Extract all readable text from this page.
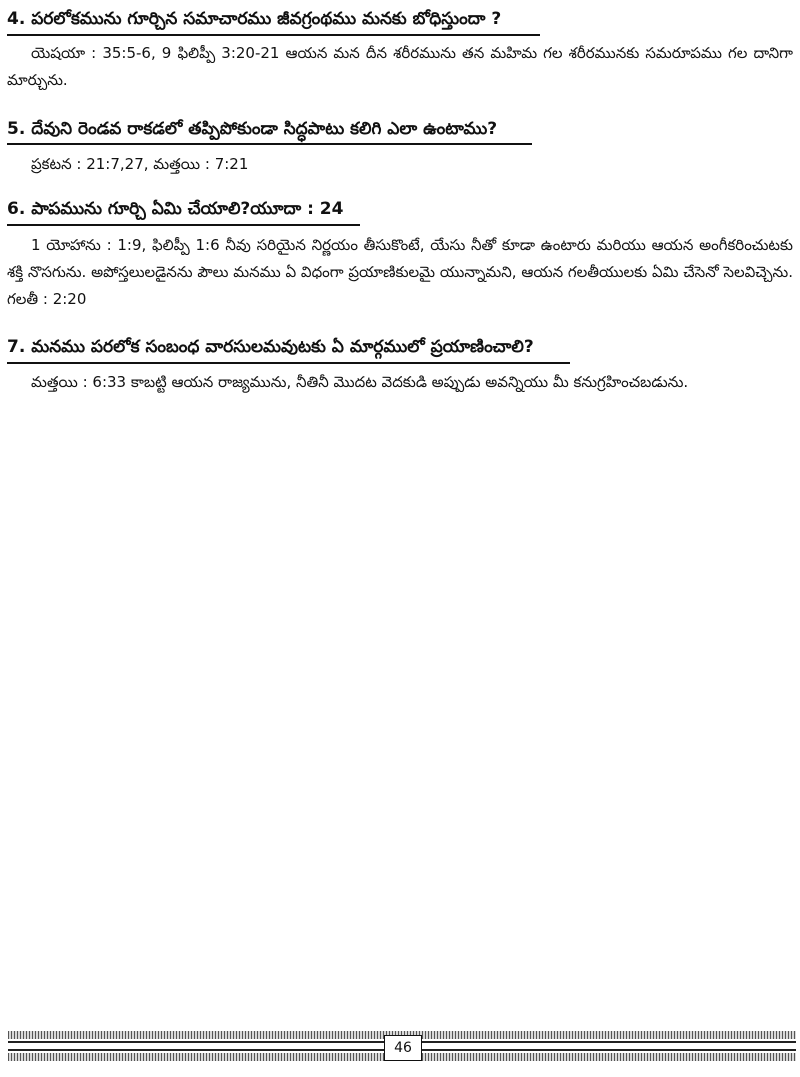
4. పరలోకమును గూర్చిన సమాచారము జీవగ్రంథము మనకు బోధిస్తుందా ?
యెషయా : 35:5-6, 9 ఫిలిప్పీ 3:20-21 ఆయన మన దీన శరీరమును తన మహిమ గల శరీరమునకు సమరూపము గల దానిగా మార్చును.
5. దేవుని రెండవ రాకడలో తప్పిపోకుండా సిద్ధపాటు కలిగి ఎలా ఉంటాము?
ప్రకటన : 21:7,27, మత్తయి : 7:21
6. పాపమును గూర్చి ఏమి చేయాలి?యూదా : 24
1 యోహాను : 1:9, ఫిలిప్పీ 1:6 నీవు సరియైన నిర్ణయం తీసుకొంటే, యేసు నీతో కూడా ఉంటారు మరియు ఆయన అంగీకరించుటకు శక్తి నొసగును. అపోస్తలులడైనను పౌలు మనము ఏ విధంగా ప్రయాణికులమై యున్నామని, ఆయన గలతీయులకు ఏమి చేసెనో సెలవిచ్చెను. గలతీ : 2:20
7. మనము పరలోక సంబంధ వారసులమవుటకు ఏ మార్గములో ప్రయాణించాలి?
మత్తయి : 6:33 కాబట్టి ఆయన రాజ్యమును, నీతినీ మొదట వెదకుడి అప్పుడు అవన్నియు మీ కనుగ్రహించబడును.
46
